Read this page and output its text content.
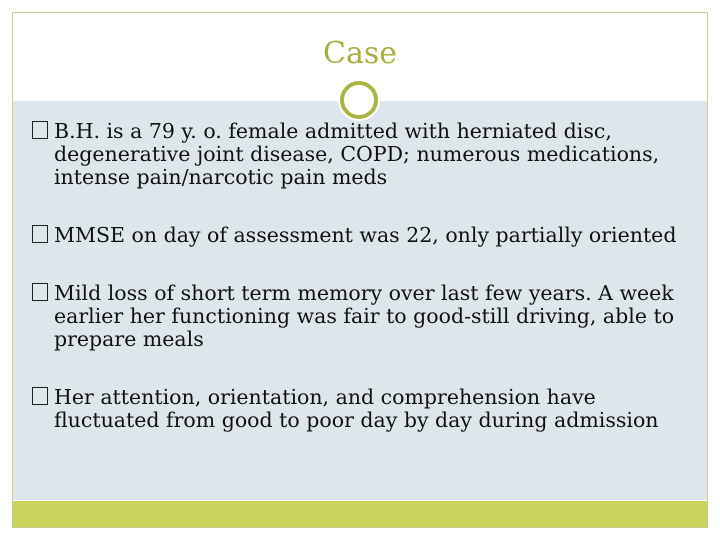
Case
B.H. is a 79 y. o. female admitted with herniated disc, degenerative joint disease, COPD; numerous medications, intense pain/narcotic pain meds
MMSE on day of assessment was 22, only partially oriented
Mild loss of short term memory over last few years. A week earlier her functioning was fair to good-still driving, able to prepare meals
Her attention, orientation, and comprehension have fluctuated from good to poor day by day during admission
